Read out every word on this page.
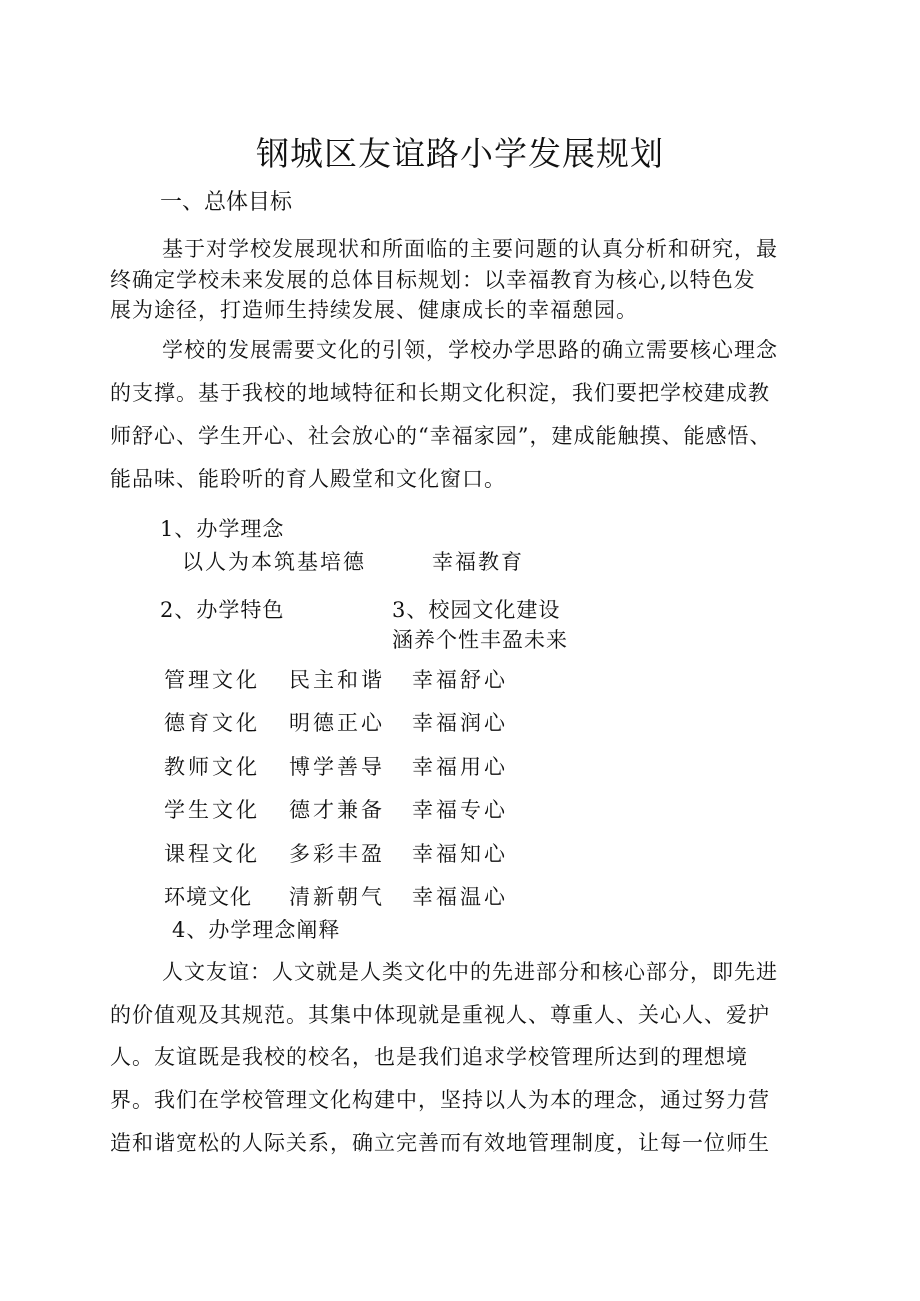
钢城区友谊路小学发展规划
一、总体目标
基于对学校发展现状和所面临的主要问题的认真分析和研究，最
终确定学校未来发展的总体目标规划：以幸福教育为核心,以特色发
展为途径，打造师生持续发展、健康成长的幸福憩园。
学校的发展需要文化的引领，学校办学思路的确立需要核心理念
的支撑。基于我校的地域特征和长期文化积淀，我们要把学校建成教
师舒心、学生开心、社会放心的“幸福家园”，建成能触摸、能感悟、
能品味、能聆听的育人殿堂和文化窗口。
1、办学理念
以人为本筑基培德	幸福教育
2、办学特色	3、校园文化建设
涵养个性丰盈未来
管理文化 民主和谐 幸福舒心
德育文化 明德正心 幸福润心
教师文化 博学善导 幸福用心
学生文化 德才兼备 幸福专心
课程文化 多彩丰盈 幸福知心
环境文化 清新朝气 幸福温心
4、办学理念阐释
人文友谊：人文就是人类文化中的先进部分和核心部分，即先进
的价值观及其规范。其集中体现就是重视人、尊重人、关心人、爱护
人。友谊既是我校的校名，也是我们追求学校管理所达到的理想境
界。我们在学校管理文化构建中，坚持以人为本的理念，通过努力营
造和谐宽松的人际关系，确立完善而有效地管理制度，让每一位师生
